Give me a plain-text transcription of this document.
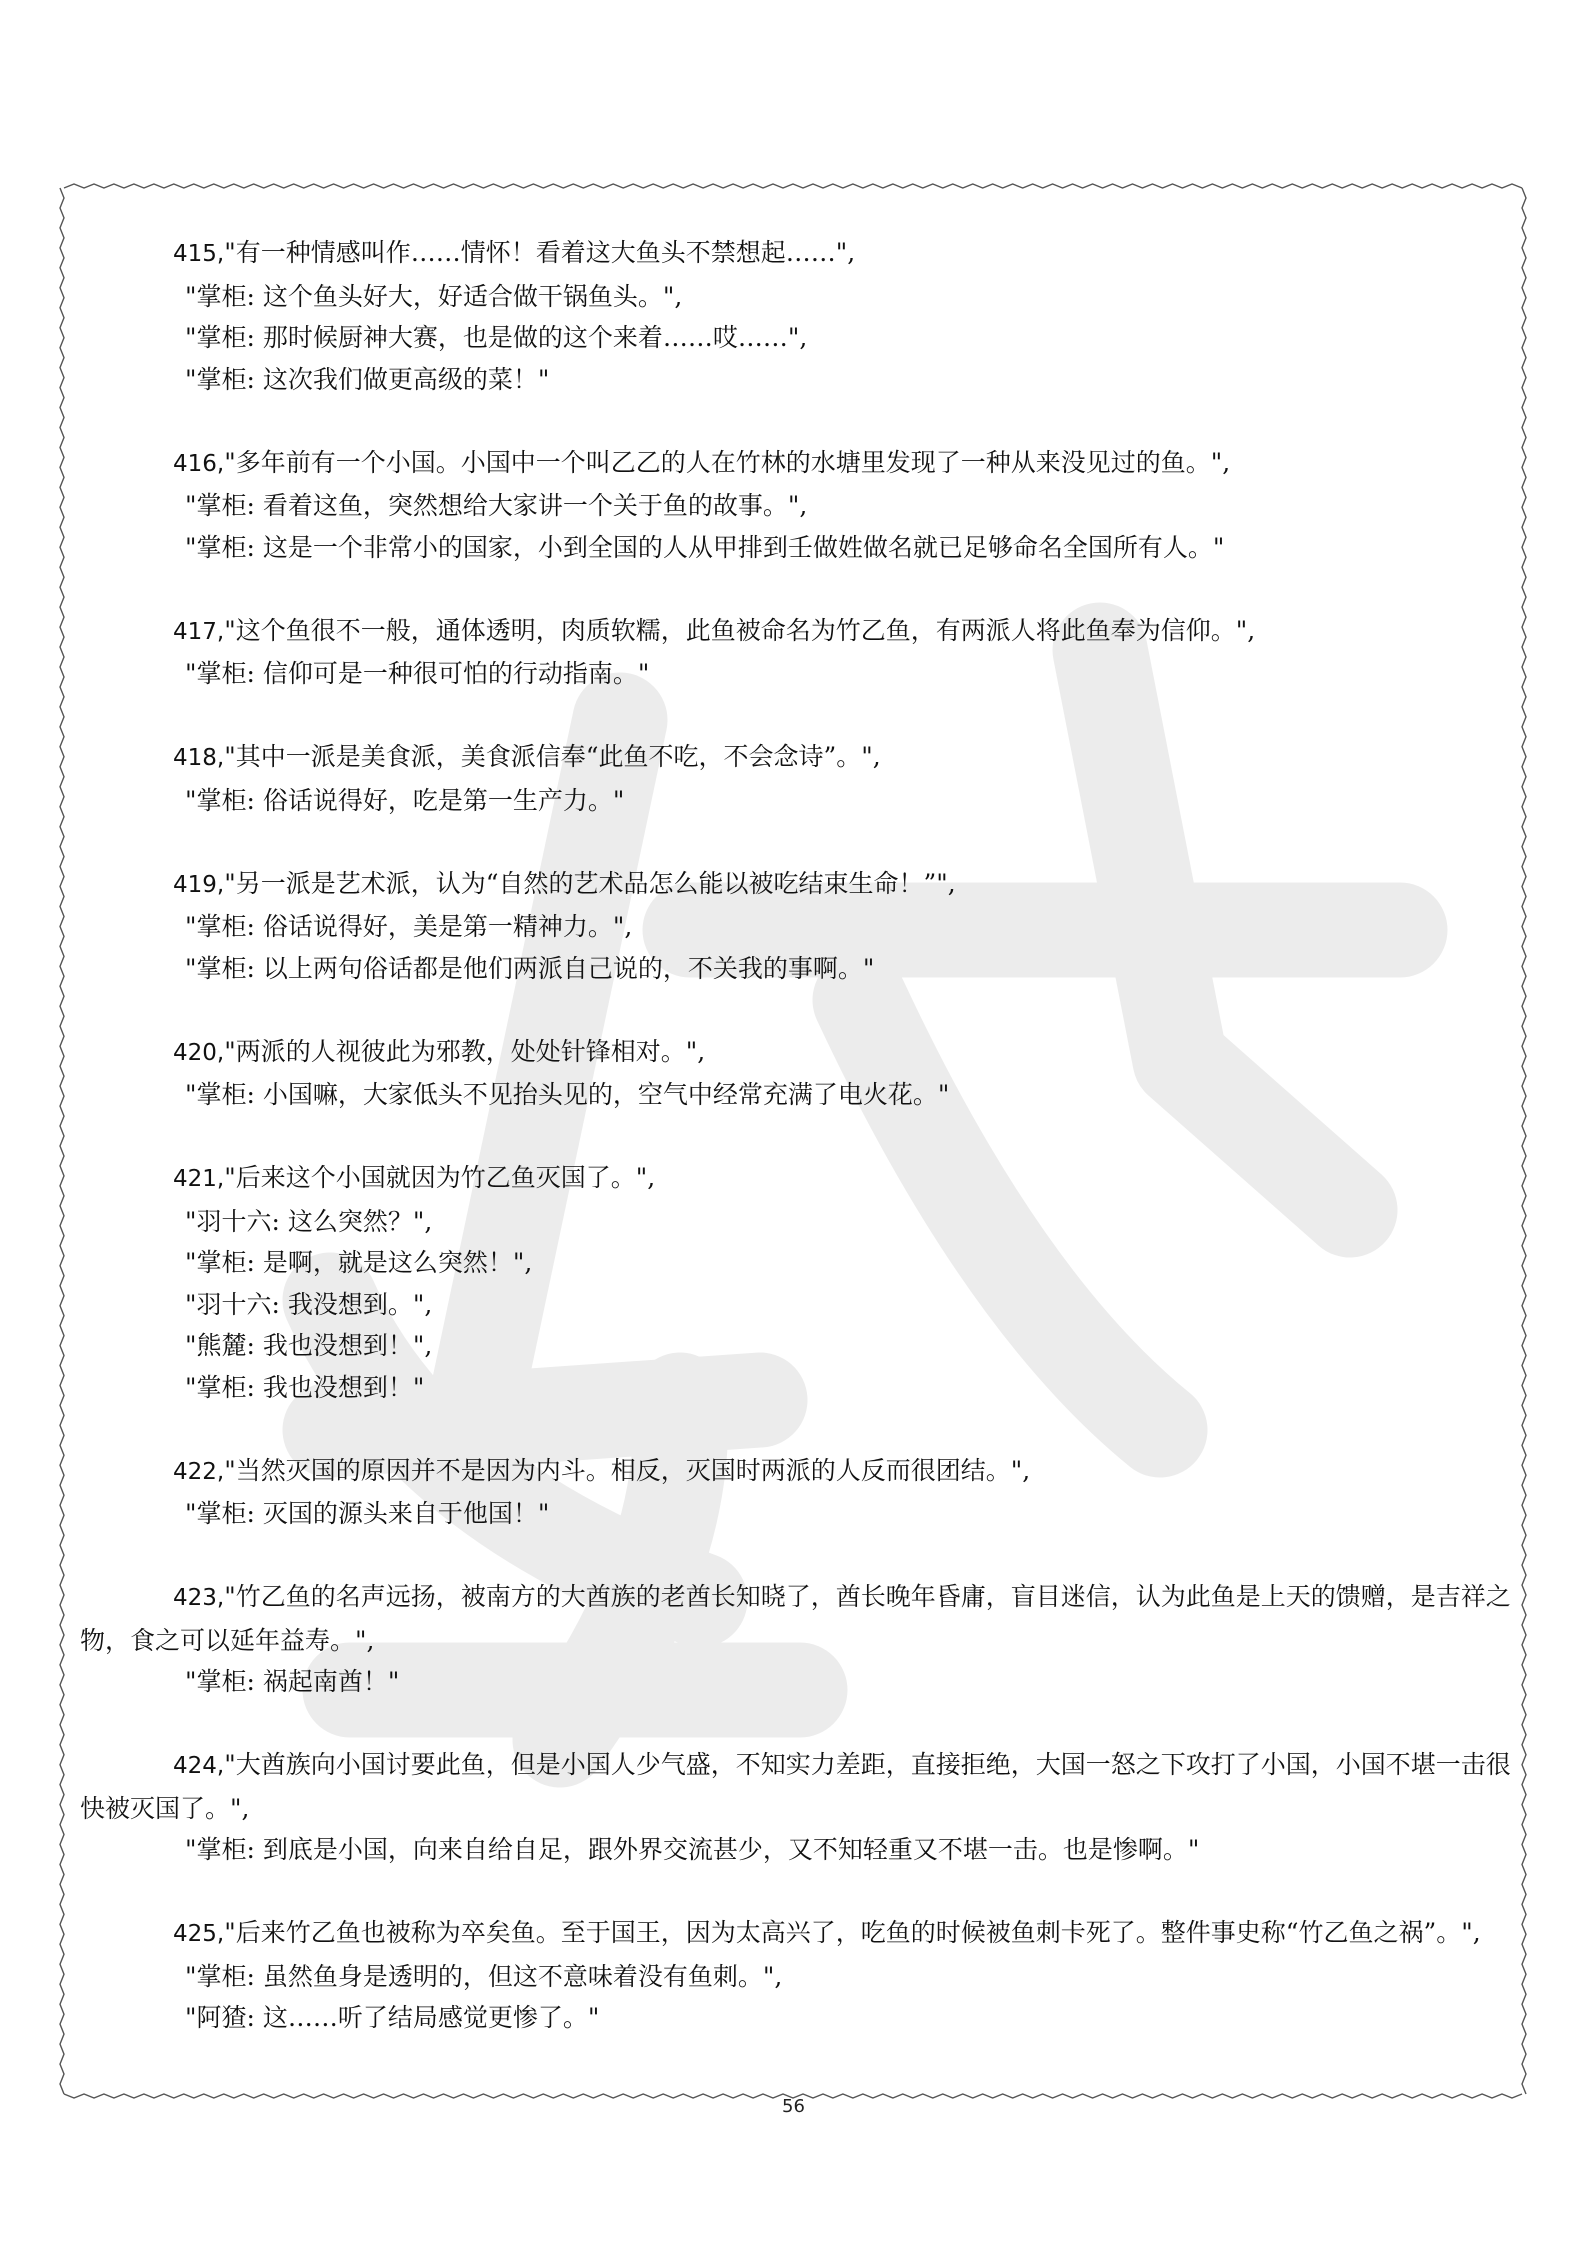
415,"有一种情感叫作……情怀！看着这大鱼头不禁想起……",
"掌柜: 这个鱼头好大，好适合做干锅鱼头。",
"掌柜: 那时候厨神大赛，也是做的这个来着……哎……",
"掌柜: 这次我们做更高级的菜！"
416,"多年前有一个小国。小国中一个叫乙乙的人在竹林的水塘里发现了一种从来没见过的鱼。",
"掌柜: 看着这鱼，突然想给大家讲一个关于鱼的故事。",
"掌柜: 这是一个非常小的国家，小到全国的人从甲排到壬做姓做名就已足够命名全国所有人。"
417,"这个鱼很不一般，通体透明，肉质软糯，此鱼被命名为竹乙鱼，有两派人将此鱼奉为信仰。",
"掌柜: 信仰可是一种很可怕的行动指南。"
418,"其中一派是美食派，美食派信奉“此鱼不吃，不会念诗”。",
"掌柜: 俗话说得好，吃是第一生产力。"
419,"另一派是艺术派，认为“自然的艺术品怎么能以被吃结束生命！”",
"掌柜: 俗话说得好，美是第一精神力。",
"掌柜: 以上两句俗话都是他们两派自己说的，不关我的事啊。"
420,"两派的人视彼此为邪教，处处针锋相对。",
"掌柜: 小国嘛，大家低头不见抬头见的，空气中经常充满了电火花。"
421,"后来这个小国就因为竹乙鱼灭国了。",
"羽十六: 这么突然？",
"掌柜: 是啊，就是这么突然！",
"羽十六: 我没想到。",
"熊麓: 我也没想到！",
"掌柜: 我也没想到！"
422,"当然灭国的原因并不是因为内斗。相反，灭国时两派的人反而很团结。",
"掌柜: 灭国的源头来自于他国！"
423,"竹乙鱼的名声远扬，被南方的大酋族的老酋长知晓了，酋长晚年昏庸，盲目迷信，认为此鱼是上天的馈赠，是吉祥之物，食之可以延年益寿。",
"掌柜: 祸起南酋！"
424,"大酋族向小国讨要此鱼，但是小国人少气盛，不知实力差距，直接拒绝，大国一怒之下攻打了小国，小国不堪一击很快被灭国了。",
"掌柜: 到底是小国，向来自给自足，跟外界交流甚少，又不知轻重又不堪一击。也是惨啊。"
425,"后来竹乙鱼也被称为卒矣鱼。至于国王，因为太高兴了，吃鱼的时候被鱼刺卡死了。整件事史称“竹乙鱼之祸”。",
"掌柜: 虽然鱼身是透明的，但这不意味着没有鱼刺。",
"阿猹: 这……听了结局感觉更惨了。"
56
